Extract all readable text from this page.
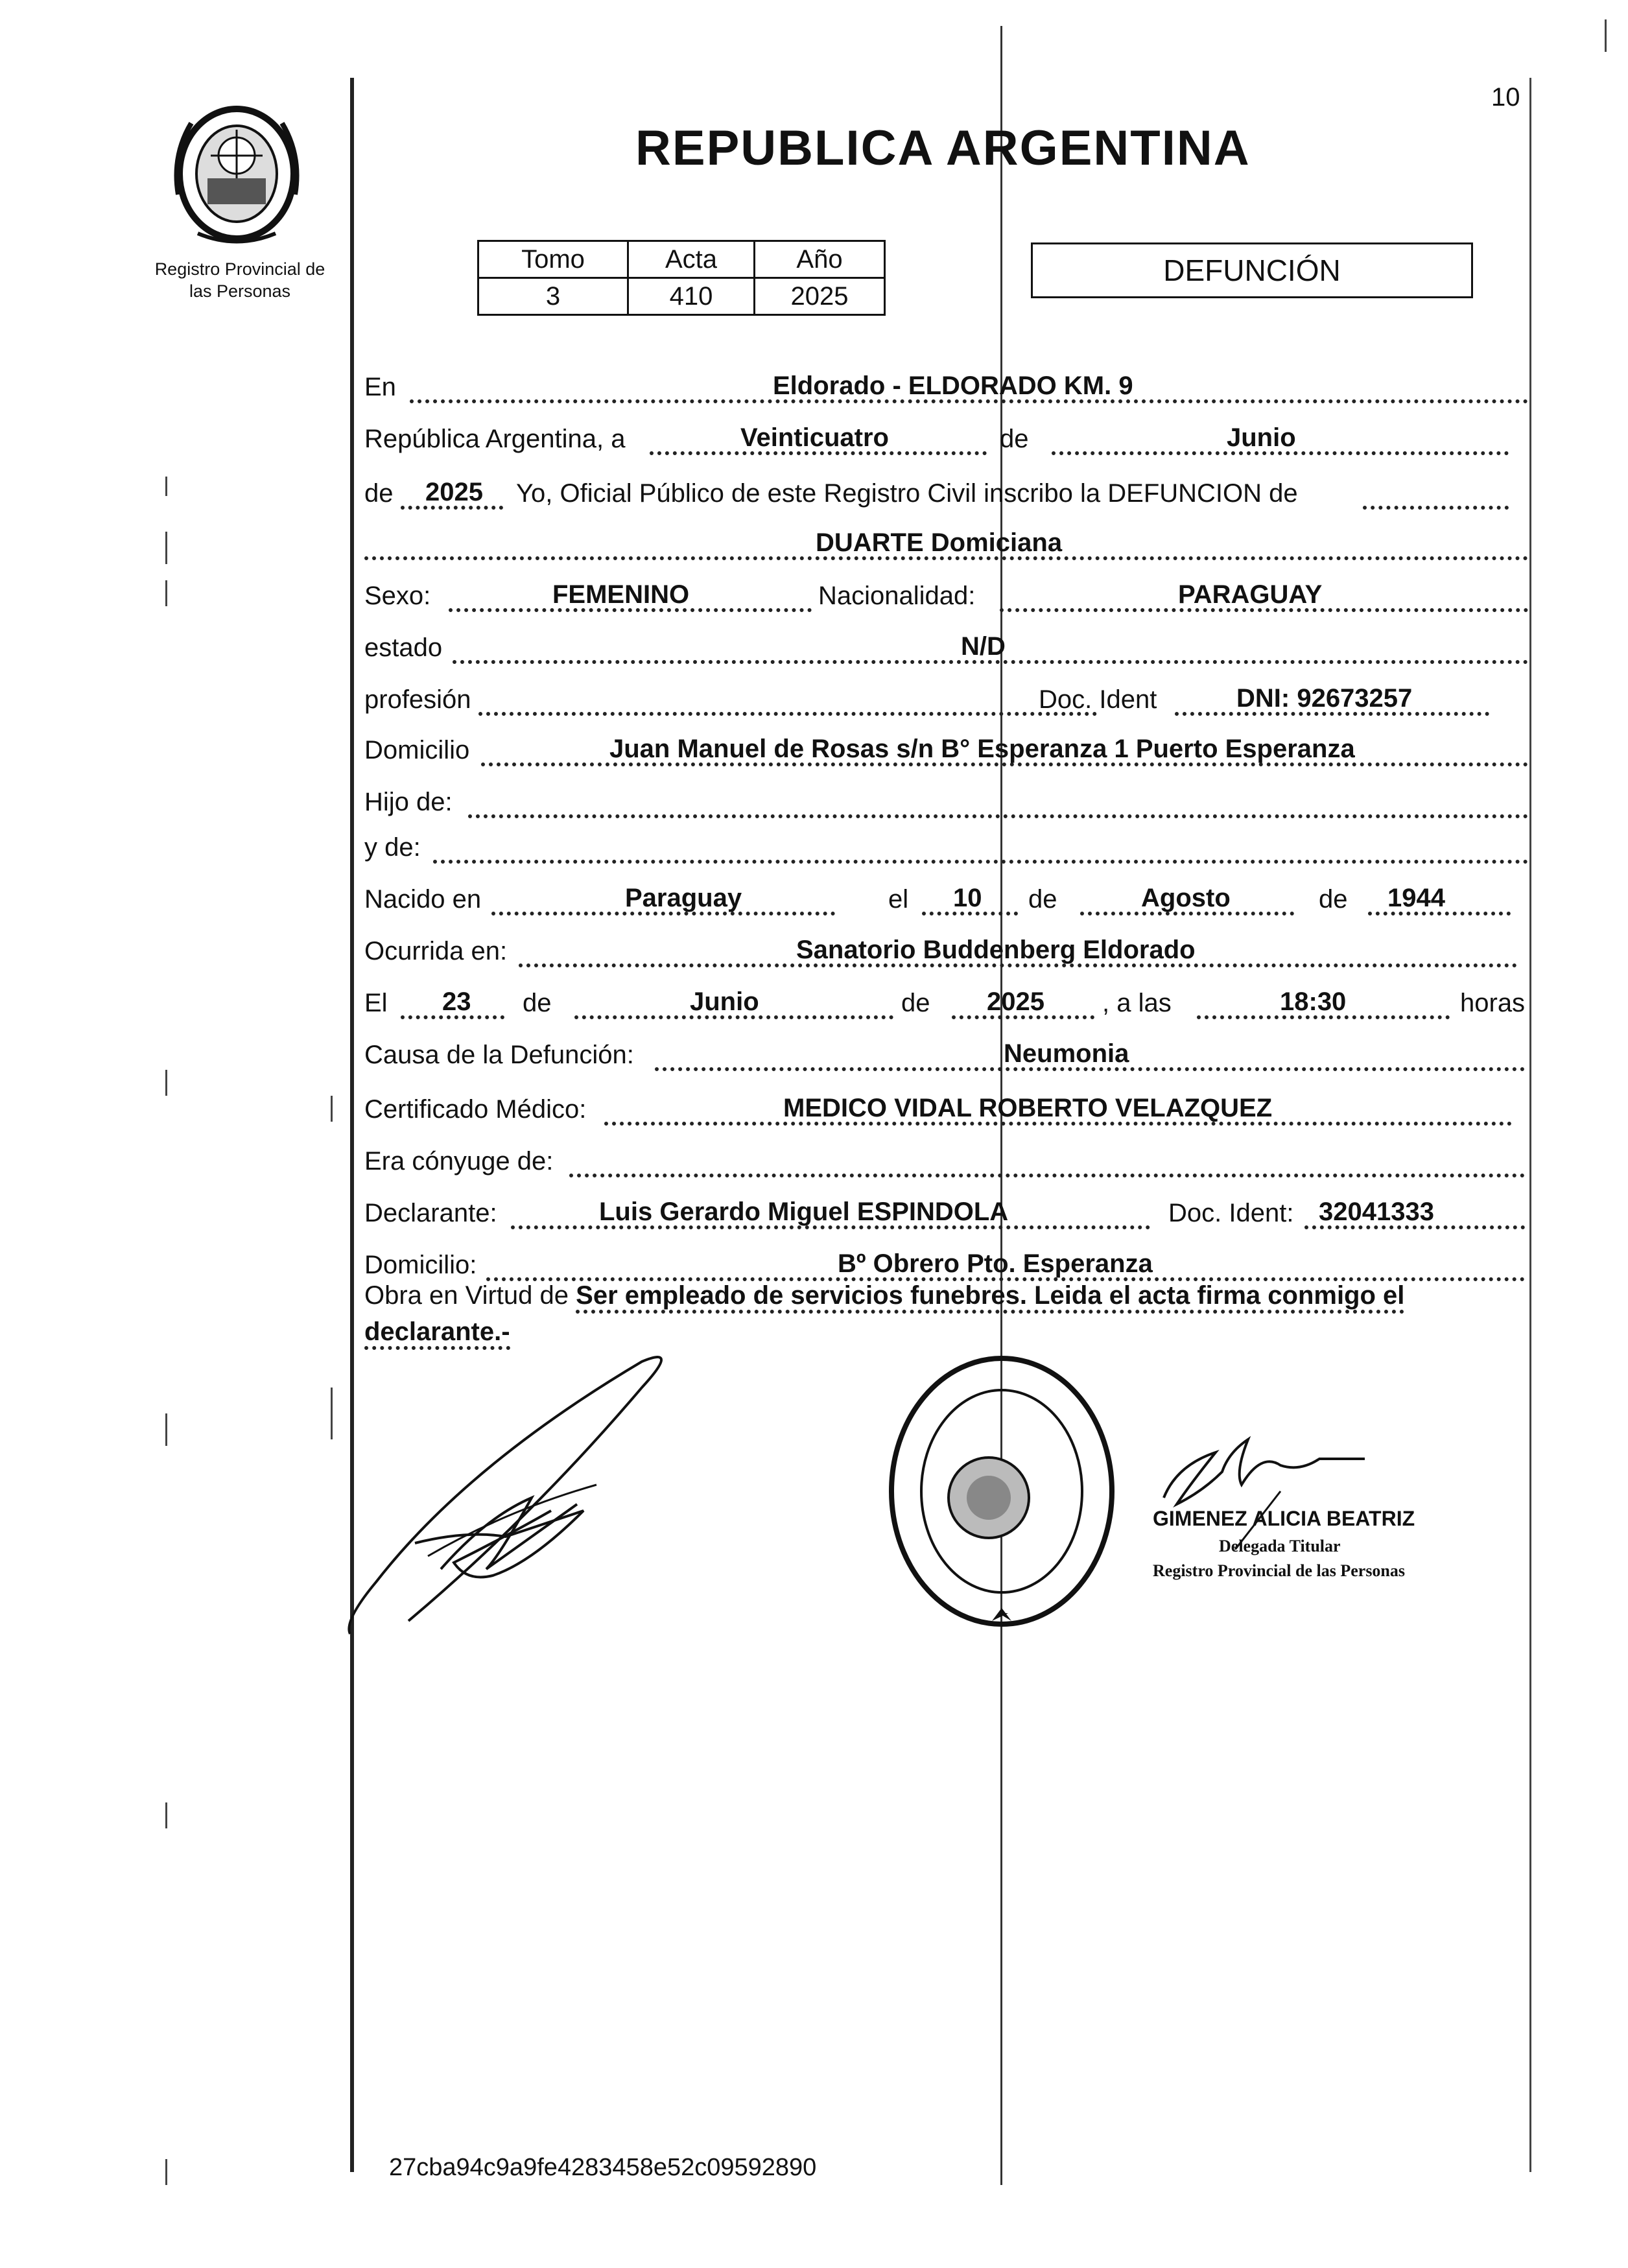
10
Registro Provincial de
las Personas
REPUBLICA ARGENTINA
Tomo	Acta	Año
3	410	2025
DEFUNCIÓN
En	Eldorado - ELDORADO KM. 9
República Argentina, a	Veinticuatro	de	Junio
de 2025 Yo, Oficial Público de este Registro Civil inscribo la DEFUNCION de
DUARTE Domiciana
Sexo:	FEMENINO	Nacionalidad:	PARAGUAY
estado	N/D
profesión	Doc. Ident	DNI: 92673257
Domicilio	Juan Manuel de Rosas s/n B° Esperanza 1 Puerto Esperanza
Hijo de:
y de:
Nacido en	Paraguay	el 10 de	Agosto	de 1944
Ocurrida en:	Sanatorio Buddenberg Eldorado
El 23 de	Junio	de 2025 , a las	18:30	horas
Causa de la Defunción:	Neumonia
Certificado Médico:	MEDICO VIDAL ROBERTO VELAZQUEZ
Era cónyuge de:
Declarante:	Luis Gerardo Miguel ESPINDOLA	Doc. Ident: 32041333
Domicilio:	Bº Obrero Pto. Esperanza
Obra en Virtud de Ser empleado de servicios funebres. Leida el acta firma conmigo el declarante.-
GIMENEZ ALICIA BEATRIZ
Delegada Titular
Registro Provincial de las Personas
27cba94c9a9fe4283458e52c09592890
